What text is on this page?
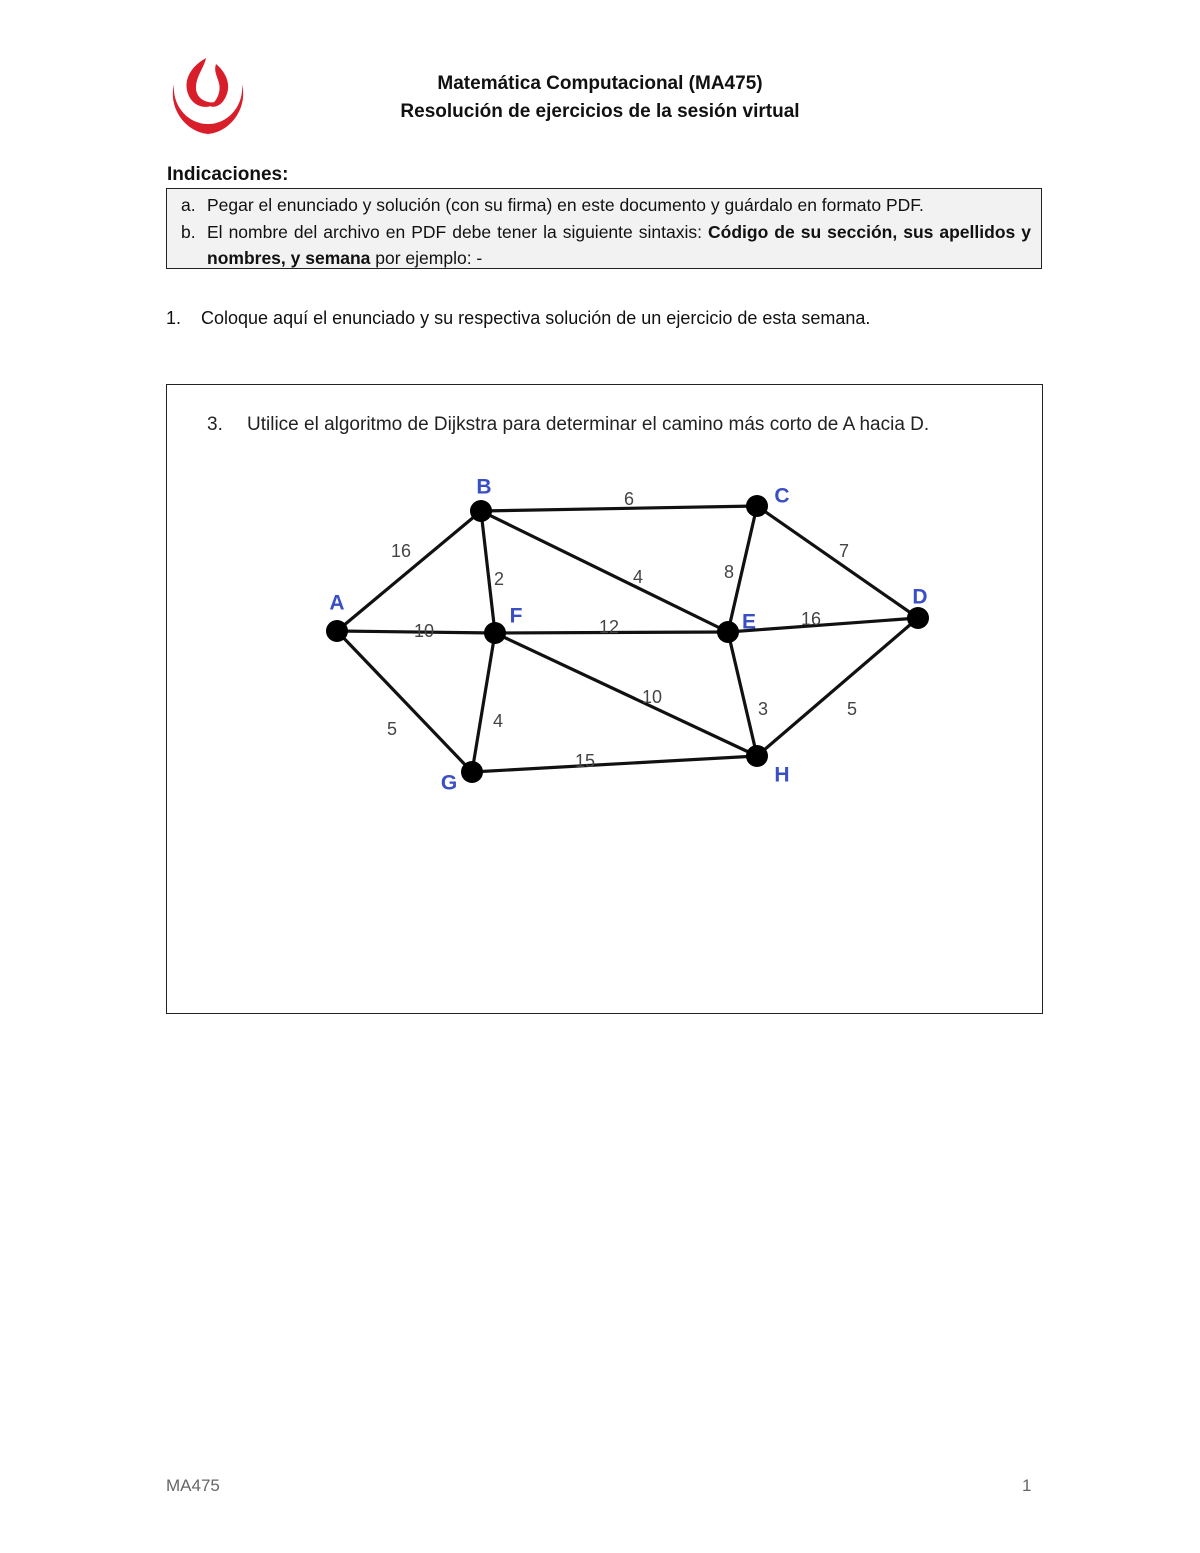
Matemática Computacional (MA475)
Resolución de ejercicios de la sesión virtual
Indicaciones:
a. Pegar el enunciado y solución (con su firma) en este documento y guárdalo en formato PDF.
b. El nombre del archivo en PDF debe tener la siguiente sintaxis: Código de su sección, sus apellidos y nombres, y semana por ejemplo: -
1.	Coloque aquí el enunciado y su respectiva solución de un ejercicio de esta semana.
3.	Utilice el algoritmo de Dijkstra para determinar el camino más corto de A hacia D.
16
10
5
6
2	4	8
7
12	16
4
10
3
15
5
A
B	C
D
E
F
G	H
MA475	1
